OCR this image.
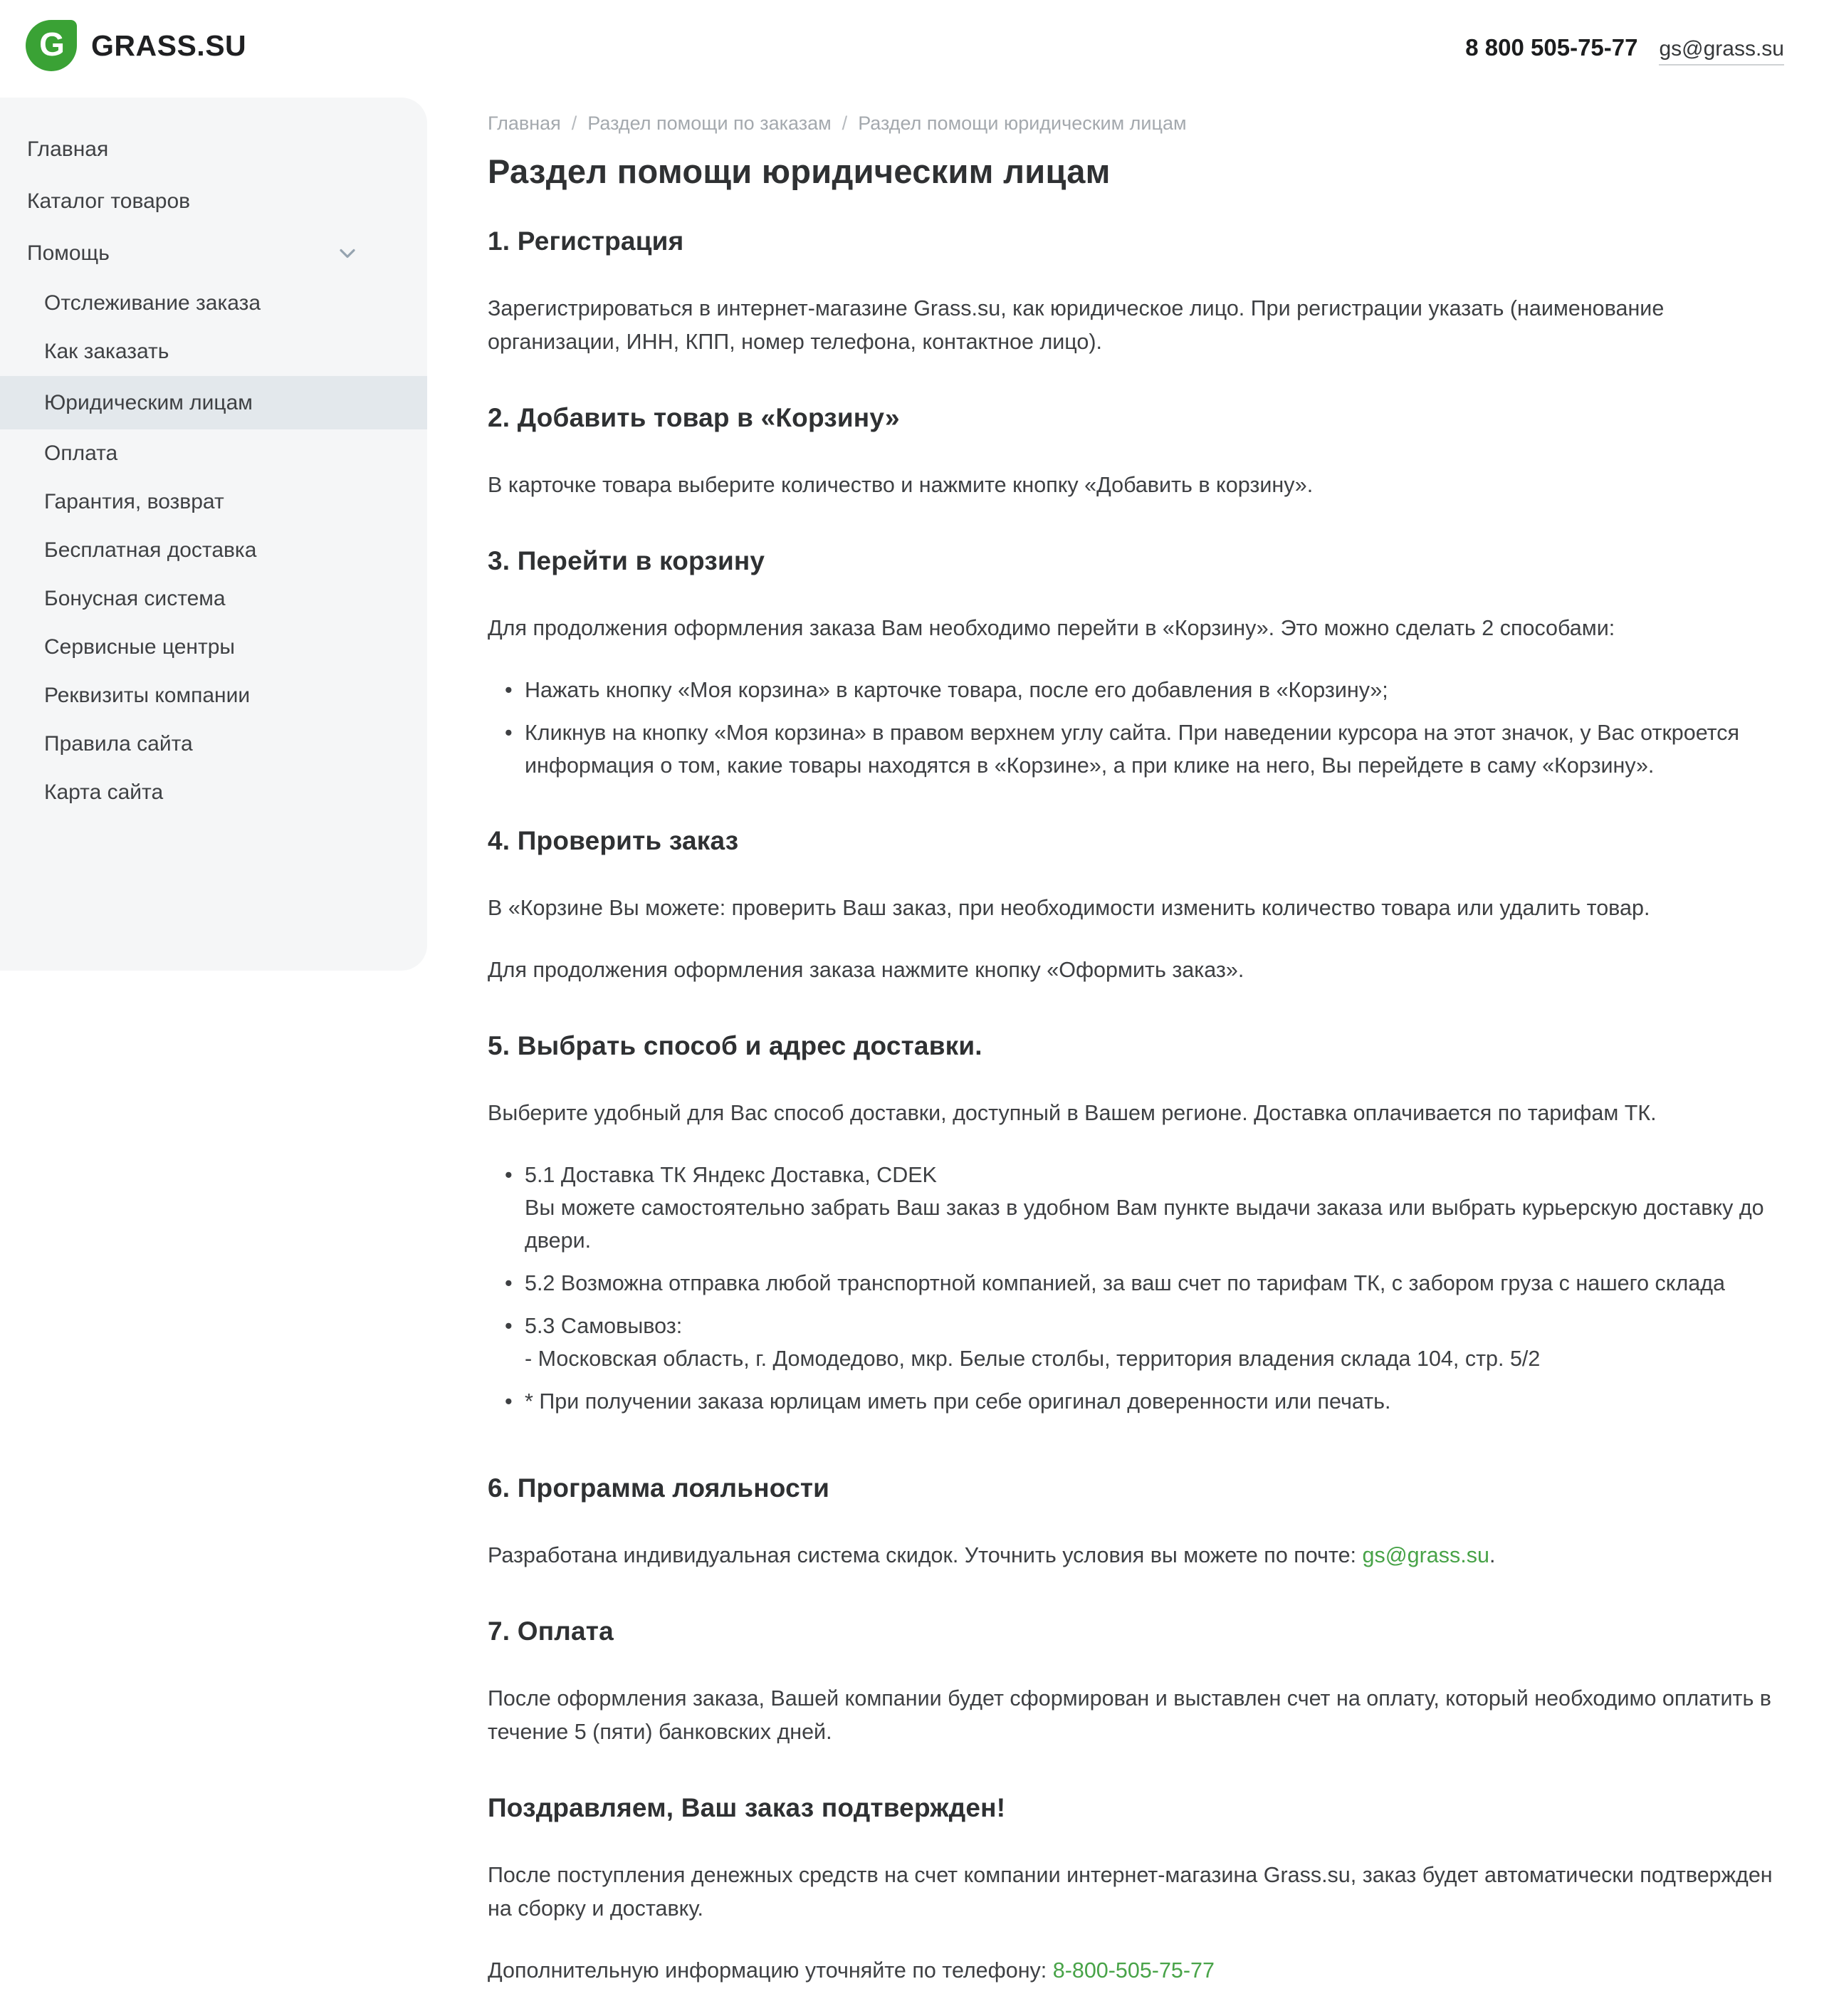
G GRASS.SU	8 800 505-75-77 gs@grass.su
Главная
Каталог товаров
Помощь
Отслеживание заказа
Как заказать
Юридическим лицам
Оплата
Гарантия, возврат
Бесплатная доставка
Бонусная система
Сервисные центры
Реквизиты компании
Правила сайта
Карта сайта
Главная / Раздел помощи по заказам / Раздел помощи юридическим лицам
Раздел помощи юридическим лицам
1. Регистрация

Зарегистрироваться в интернет-магазине Grass.su, как юридическое лицо. При регистрации указать (наименование организации, ИНН, КПП, номер телефона, контактное лицо).

2. Добавить товар в «Корзину»

В карточке товара выберите количество и нажмите кнопку «Добавить в корзину».

3. Перейти в корзину

Для продолжения оформления заказа Вам необходимо перейти в «Корзину». Это можно сделать 2 способами:

• Нажать кнопку «Моя корзина» в карточке товара, после его добавления в «Корзину»;
• Кликнув на кнопку «Моя корзина» в правом верхнем углу сайта. При наведении курсора на этот значок, у Вас откроется информация о том, какие товары находятся в «Корзине», а при клике на него, Вы перейдете в саму «Корзину».
4. Проверить заказ

В «Корзине Вы можете: проверить Ваш заказ, при необходимости изменить количество товара или удалить товар.

Для продолжения оформления заказа нажмите кнопку «Оформить заказ».

5. Выбрать способ и адрес доставки.

Выберите удобный для Вас способ доставки, доступный в Вашем регионе. Доставка оплачивается по тарифам ТК.

• 5.1 Доставка ТК Яндекс Доставка, CDEK
Вы можете самостоятельно забрать Ваш заказ в удобном Вам пункте выдачи заказа или выбрать курьерскую доставку до двери.
• 5.2 Возможна отправка любой транспортной компанией, за ваш счет по тарифам ТК, с забором груза с нашего склада
• 5.3 Самовывоз:
- Московская область, г. Домодедово, мкр. Белые столбы, территория владения склада 104, стр. 5/2
• * При получении заказа юрлицам иметь при себе оригинал доверенности или печать.
6. Программа лояльности

Разработана индивидуальная система скидок. Уточнить условия вы можете по почте: gs@grass.su.

7. Оплата

После оформления заказа, Вашей компании будет сформирован и выставлен счет на оплату, который необходимо оплатить в течение 5 (пяти) банковских дней.

Поздравляем, Ваш заказ подтвержден!

После поступления денежных средств на счет компании интернет-магазина Grass.su, заказ будет автоматически подтвержден на сборку и доставку.

Дополнительную информацию уточняйте по телефону: 8-800-505-75-77
